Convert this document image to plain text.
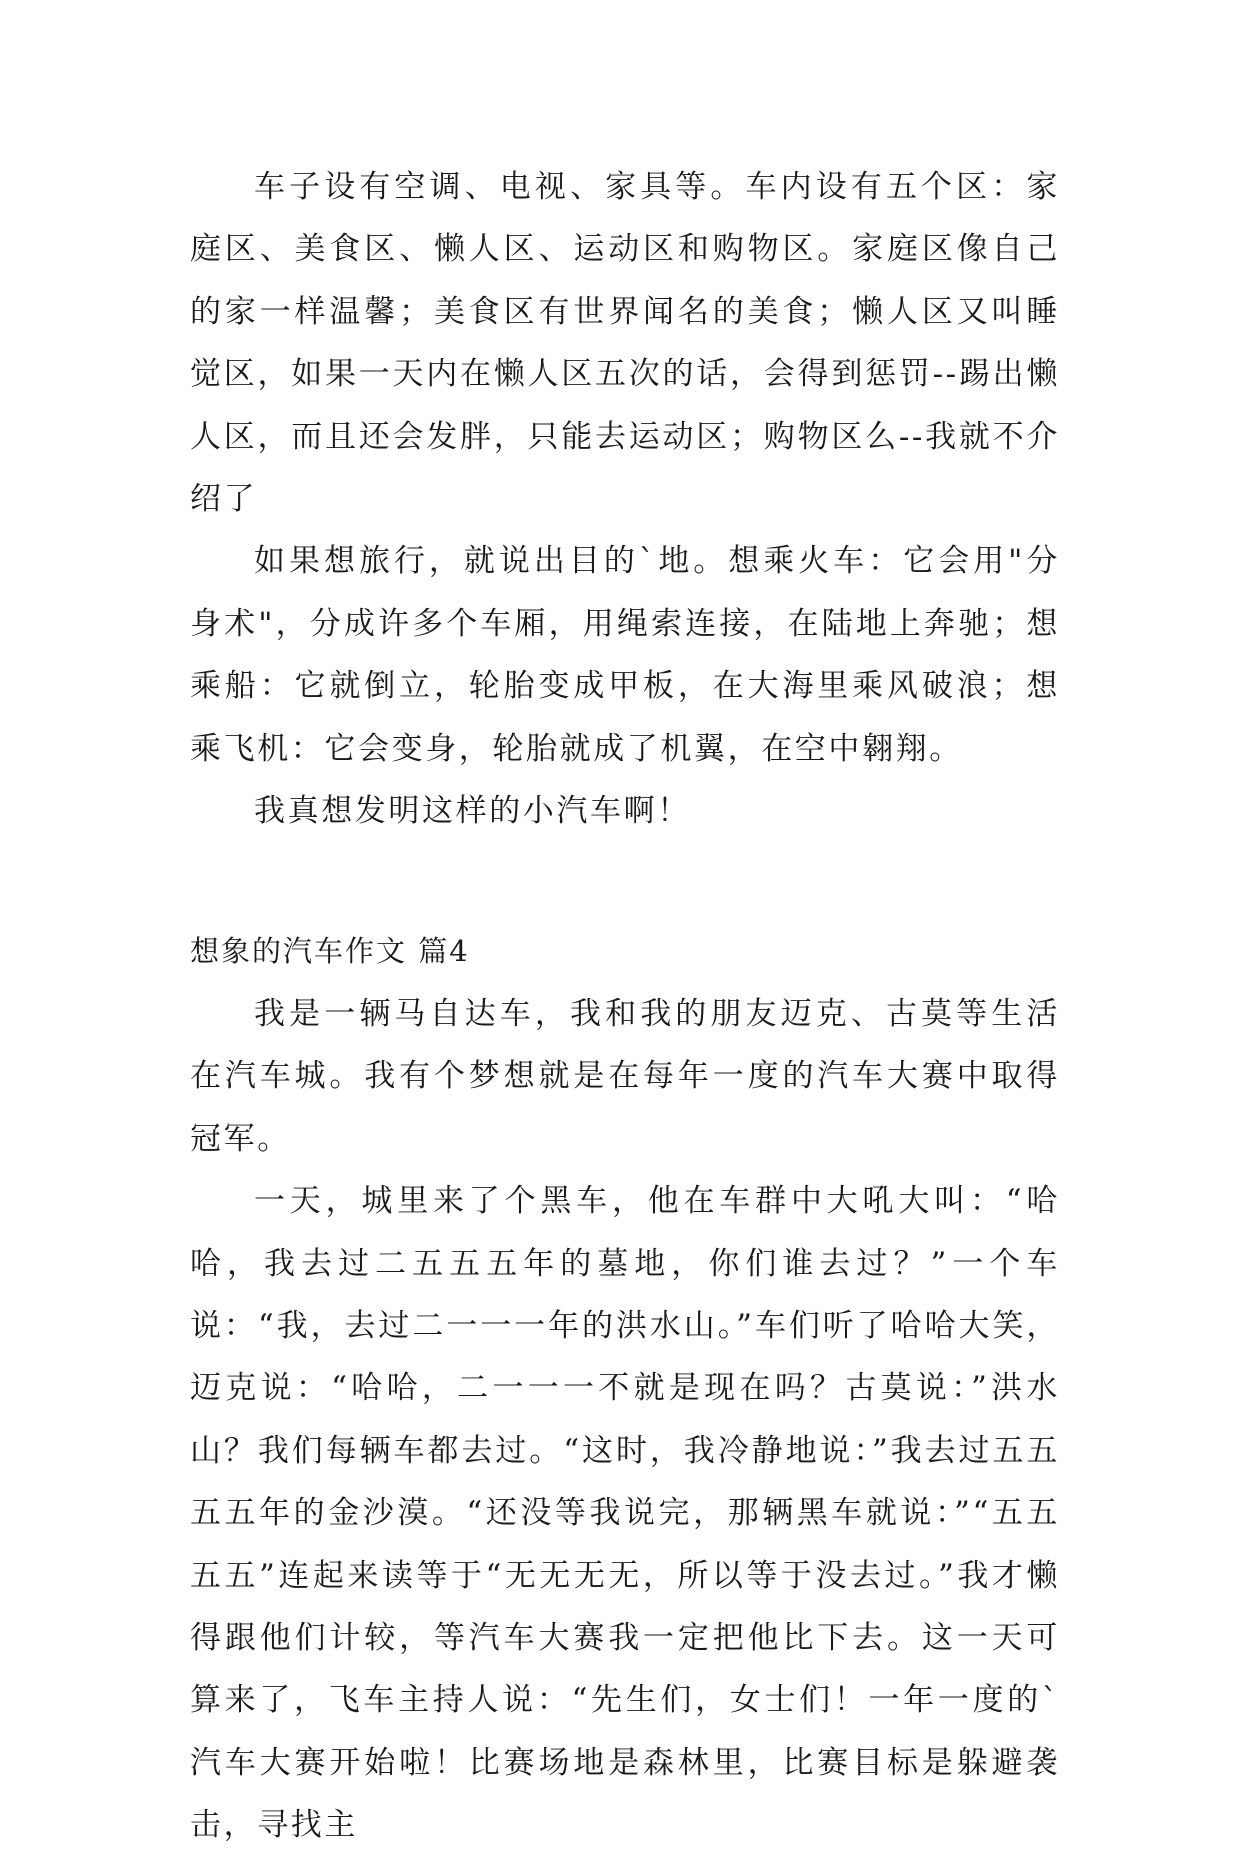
车子设有空调、电视、家具等。车内设有五个区：家庭区、美食区、懒人区、运动区和购物区。家庭区像自己的家一样温馨；美食区有世界闻名的美食；懒人区又叫睡觉区，如果一天内在懒人区五次的话，会得到惩罚--踢出懒人区，而且还会发胖，只能去运动区；购物区么--我就不介绍了

如果想旅行，就说出目的`地。想乘火车：它会用"分身术"，分成许多个车厢，用绳索连接，在陆地上奔驰；想乘船：它就倒立，轮胎变成甲板，在大海里乘风破浪；想乘飞机：它会变身，轮胎就成了机翼，在空中翱翔。

我真想发明这样的小汽车啊！

想象的汽车作文 篇4

我是一辆马自达车，我和我的朋友迈克、古莫等生活在汽车城。我有个梦想就是在每年一度的汽车大赛中取得冠军。

一天，城里来了个黑车，他在车群中大吼大叫：“哈哈，我去过二五五五年的墓地，你们谁去过？”一个车说：“我，去过二一一一年的洪水山。”车们听了哈哈大笑，迈克说：“哈哈，二一一一不就是现在吗？古莫说：”洪水山？我们每辆车都去过。“这时，我冷静地说：”我去过五五五五年的金沙漠。“还没等我说完，那辆黑车就说：”“五五五五”连起来读等于“无无无无，所以等于没去过。”我才懒得跟他们计较，等汽车大赛我一定把他比下去。这一天可算来了，飞车主持人说：“先生们，女士们！一年一度的`汽车大赛开始啦！比赛场地是森林里，比赛目标是躲避袭击，寻找主
